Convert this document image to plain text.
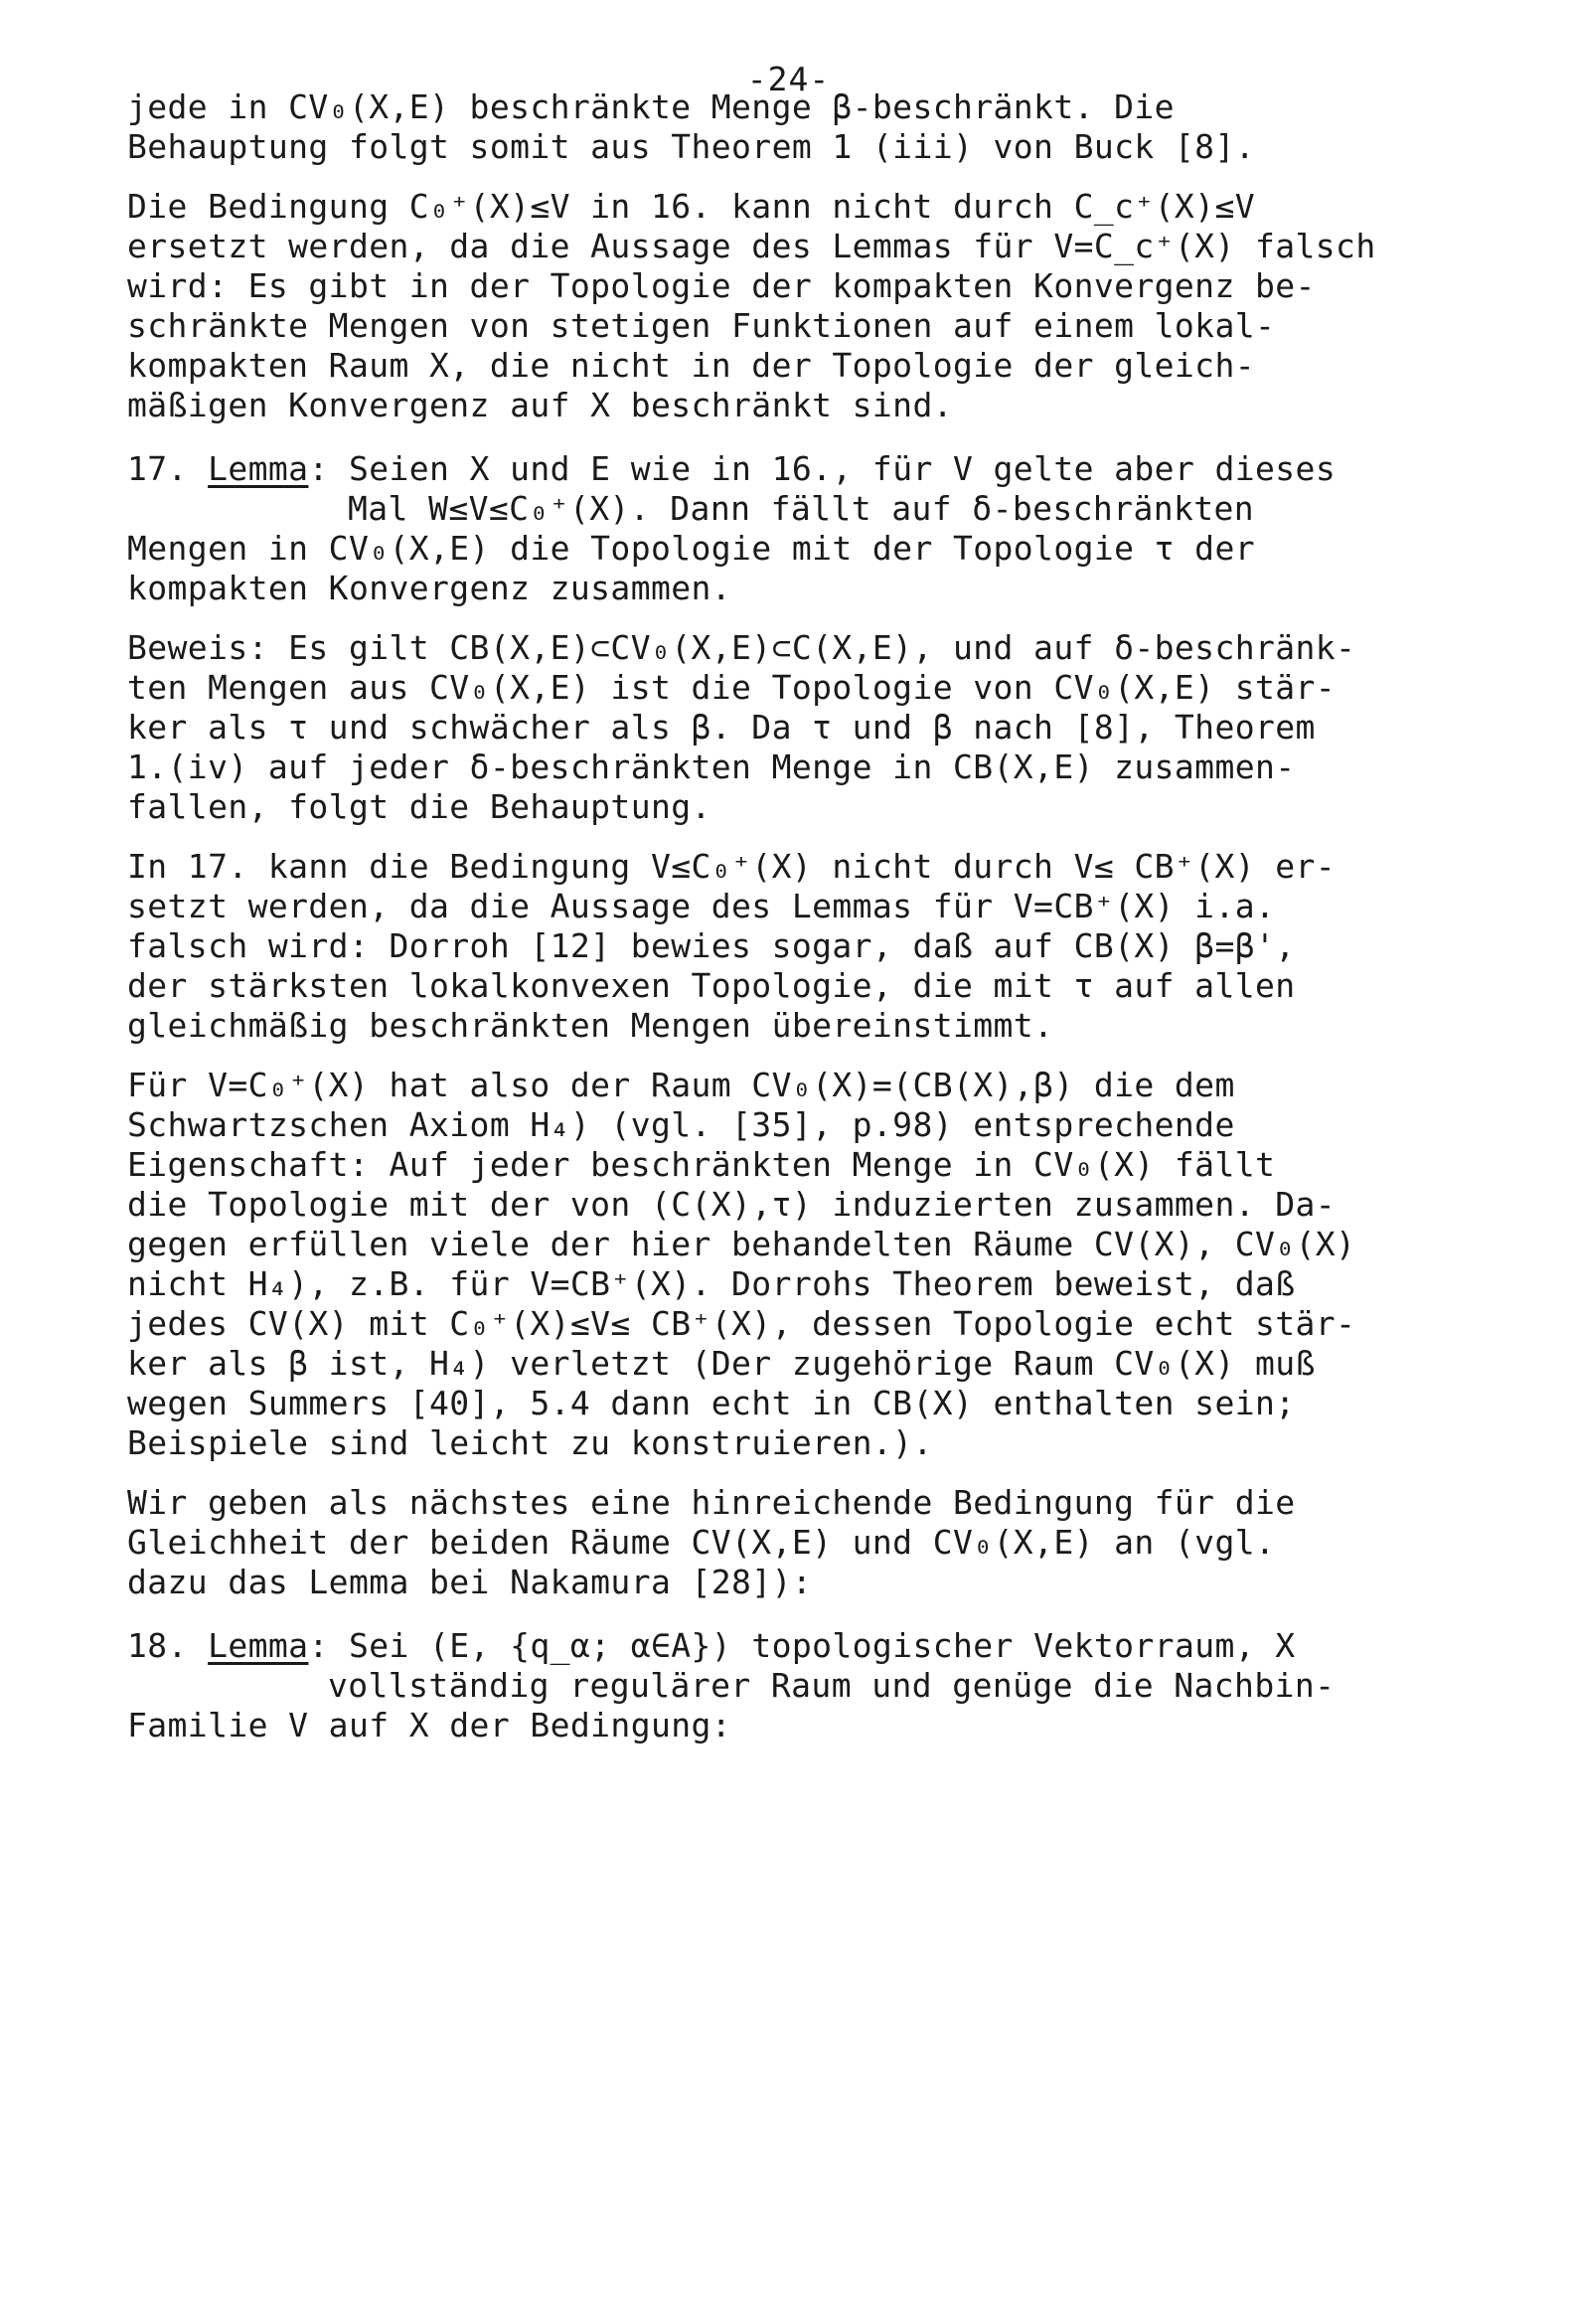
-24-
jede in CV₀(X,E) beschränkte Menge β-beschränkt. Die
Behauptung folgt somit aus Theorem 1 (iii) von Buck [8].
Die Bedingung C₀⁺(X)≤V in 16. kann nicht durch C_c⁺(X)≤V
ersetzt werden, da die Aussage des Lemmas für V=C_c⁺(X) falsch
wird: Es gibt in der Topologie der kompakten Konvergenz be-
schränkte Mengen von stetigen Funktionen auf einem lokal-
kompakten Raum X, die nicht in der Topologie der gleich-
mäßigen Konvergenz auf X beschränkt sind.
17. Lemma: Seien X und E wie in 16., für V gelte aber dieses
Mal W≤V≤C₀⁺(X). Dann fällt auf δ-beschränkten
Mengen in CV₀(X,E) die Topologie mit der Topologie τ der
kompakten Konvergenz zusammen.
Beweis: Es gilt CB(X,E)⊂CV₀(X,E)⊂C(X,E), und auf δ-beschränk-
ten Mengen aus CV₀(X,E) ist die Topologie von CV₀(X,E) stär-
ker als τ und schwächer als β. Da τ und β nach [8], Theorem
1.(iv) auf jeder δ-beschränkten Menge in CB(X,E) zusammen-
fallen, folgt die Behauptung.
In 17. kann die Bedingung V≤C₀⁺(X) nicht durch V≤ CB⁺(X) er-
setzt werden, da die Aussage des Lemmas für V=CB⁺(X) i.a.
falsch wird: Dorroh [12] bewies sogar, daß auf CB(X) β=β',
der stärksten lokalkonvexen Topologie, die mit τ auf allen
gleichmäßig beschränkten Mengen übereinstimmt.
Für V=C₀⁺(X) hat also der Raum CV₀(X)=(CB(X),β) die dem
Schwartzschen Axiom H₄) (vgl. [35], p.98) entsprechende
Eigenschaft: Auf jeder beschränkten Menge in CV₀(X) fällt
die Topologie mit der von (C(X),τ) induzierten zusammen. Da-
gegen erfüllen viele der hier behandelten Räume CV(X), CV₀(X)
nicht H₄), z.B. für V=CB⁺(X). Dorrohs Theorem beweist, daß
jedes CV(X) mit C₀⁺(X)≤V≤ CB⁺(X), dessen Topologie echt stär-
ker als β ist, H₄) verletzt (Der zugehörige Raum CV₀(X) muß
wegen Summers [40], 5.4 dann echt in CB(X) enthalten sein;
Beispiele sind leicht zu konstruieren.).
Wir geben als nächstes eine hinreichende Bedingung für die
Gleichheit der beiden Räume CV(X,E) und CV₀(X,E) an (vgl.
dazu das Lemma bei Nakamura [28]):
18. Lemma: Sei (E, {q_α; α∈A}) topologischer Vektorraum, X
vollständig regulärer Raum und genüge die Nachbin-
Familie V auf X der Bedingung:
